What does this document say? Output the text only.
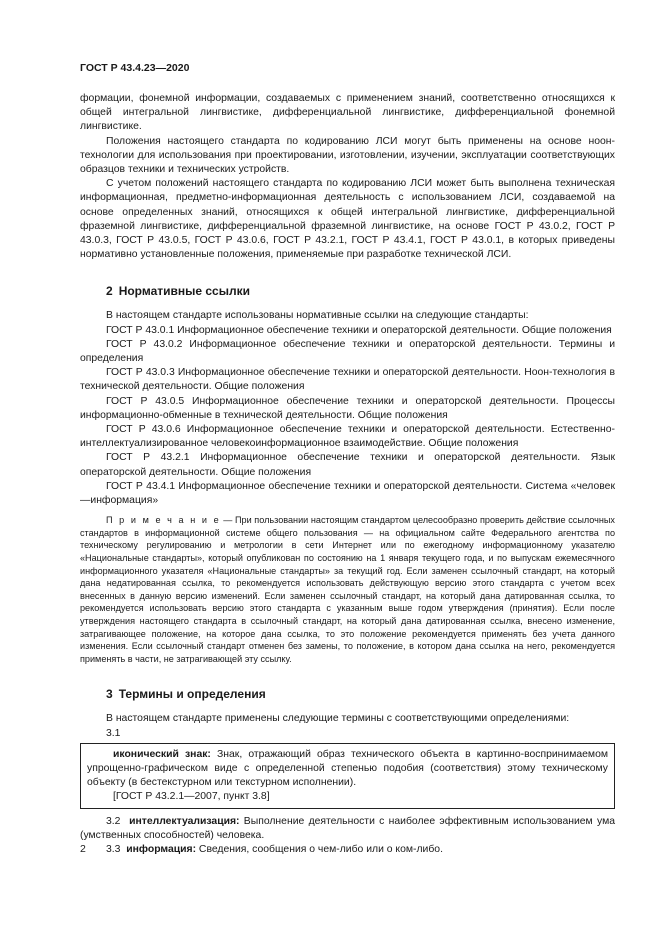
ГОСТ Р 43.4.23—2020

формации, фонемной информации, создаваемых с применением знаний, соответственно относящихся к общей интегральной лингвистике, дифференциальной лингвистике, дифференциальной фонемной лингвистике.

Положения настоящего стандарта по кодированию ЛСИ могут быть применены на основе ноон-технологии для использования при проектировании, изготовлении, изучении, эксплуатации соответствующих образцов техники и технических устройств.

С учетом положений настоящего стандарта по кодированию ЛСИ может быть выполнена техническая информационная, предметно-информационная деятельность с использованием ЛСИ, создаваемой на основе определенных знаний, относящихся к общей интегральной лингвистике, дифференциальной фраземной лингвистике, дифференциальной фраземной лингвистике, на основе ГОСТ Р 43.0.2, ГОСТ Р 43.0.3, ГОСТ Р 43.0.5, ГОСТ Р 43.0.6, ГОСТ Р 43.2.1, ГОСТ Р 43.4.1, ГОСТ Р 43.0.1, в которых приведены нормативно установленные положения, применяемые при разработке технической ЛСИ.

2 Нормативные ссылки

В настоящем стандарте использованы нормативные ссылки на следующие стандарты:

ГОСТ Р 43.0.1 Информационное обеспечение техники и операторской деятельности. Общие положения

ГОСТ Р 43.0.2 Информационное обеспечение техники и операторской деятельности. Термины и определения

ГОСТ Р 43.0.3 Информационное обеспечение техники и операторской деятельности. Ноон-технология в технической деятельности. Общие положения

ГОСТ Р 43.0.5 Информационное обеспечение техники и операторской деятельности. Процессы информационно-обменные в технической деятельности. Общие положения

ГОСТ Р 43.0.6 Информационное обеспечение техники и операторской деятельности. Естественно-интеллектуализированное человекоинформационное взаимодействие. Общие положения

ГОСТ Р 43.2.1 Информационное обеспечение техники и операторской деятельности. Язык операторской деятельности. Общие положения

ГОСТ Р 43.4.1 Информационное обеспечение техники и операторской деятельности. Система «человек—информация»

П р и м е ч а н и е — При пользовании настоящим стандартом целесообразно проверить действие ссылочных стандартов в информационной системе общего пользования — на официальном сайте Федерального агентства по техническому регулированию и метрологии в сети Интернет или по ежегодному информационному указателю «Национальные стандарты», который опубликован по состоянию на 1 января текущего года, и по выпускам ежемесячного информационного указателя «Национальные стандарты» за текущий год. Если заменен ссылочный стандарт, на который дана недатированная ссылка, то рекомендуется использовать действующую версию этого стандарта с учетом всех внесенных в данную версию изменений. Если заменен ссылочный стандарт, на который дана датированная ссылка, то рекомендуется использовать версию этого стандарта с указанным выше годом утверждения (принятия). Если после утверждения настоящего стандарта в ссылочный стандарт, на который дана датированная ссылка, внесено изменение, затрагивающее положение, на которое дана ссылка, то это положение рекомендуется применять без учета данного изменения. Если ссылочный стандарт отменен без замены, то положение, в котором дана ссылка на него, рекомендуется применять в части, не затрагивающей эту ссылку.

3 Термины и определения

В настоящем стандарте применены следующие термины с соответствующими определениями:

3.1

иконический знак: Знак, отражающий образ технического объекта в картинно-воспринимаемом упрощенно-графическом виде с определенной степенью подобия (соответствия) этому техническому объекту (в бестекстурном или текстурном исполнении).

[ГОСТ Р 43.2.1—2007, пункт 3.8]

3.2 интеллектуализация: Выполнение деятельности с наиболее эффективным использованием ума (умственных способностей) человека.

3.3 информация: Сведения, сообщения о чем-либо или о ком-либо.

2
